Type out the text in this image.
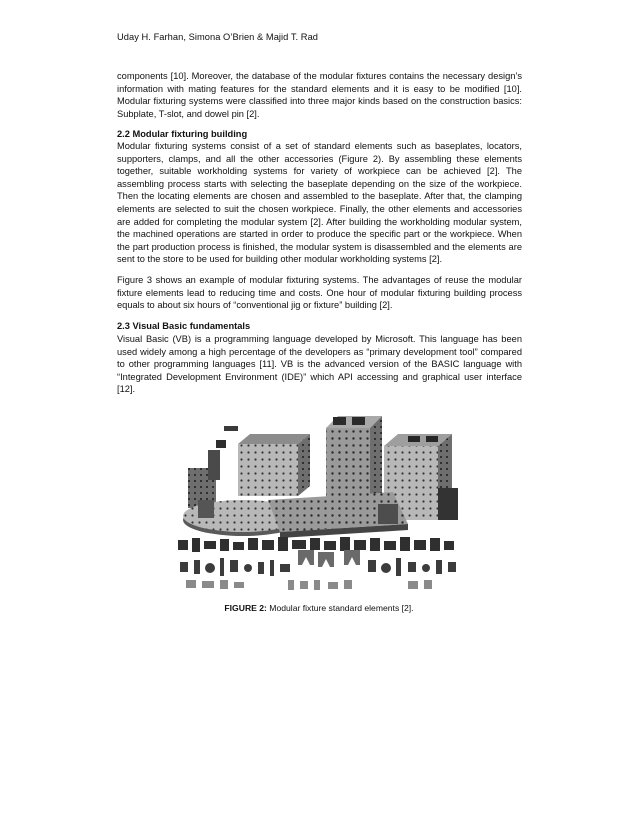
Uday H. Farhan, Simona O’Brien & Majid T. Rad

components [10]. Moreover, the database of the modular fixtures contains the necessary design’s information with mating features for the standard elements and it is easy to be modified [10]. Modular fixturing systems were classified into three major kinds based on the construction basics: Subplate, T-slot, and dowel pin [2].

2.2 Modular fixturing building

Modular fixturing systems consist of a set of standard elements such as baseplates, locators, supporters, clamps, and all the other accessories (Figure 2). By assembling these elements together, suitable workholding systems for variety of workpiece can be achieved [2]. The assembling process starts with selecting the baseplate depending on the size of the workpiece. Then the locating elements are chosen and assembled to the baseplate. After that, the clamping elements are selected to suit the chosen workpiece. Finally, the other elements and accessories are added for completing the modular system [2]. After building the workholding modular system, the machined operations are started in order to produce the specific part or the workpiece. When the part production process is finished, the modular system is disassembled and the elements are sent to the store to be used for building other modular workholding systems [2].

Figure 3 shows an example of modular fixturing systems. The advantages of reuse the modular fixture elements lead to reducing time and costs. One hour of modular fixturing building process equals to about six hours of “conventional jig or fixture” building [2].

2.3 Visual Basic fundamentals

Visual Basic (VB) is a programming language developed by Microsoft. This language has been used widely among a high percentage of the developers as “primary development tool” compared to other programming languages [11]. VB is the advanced version of the BASIC language with “Integrated Development Environment (IDE)” which API accessing and graphical user interface [12].

FIGURE 2: Modular fixture standard elements [2].
